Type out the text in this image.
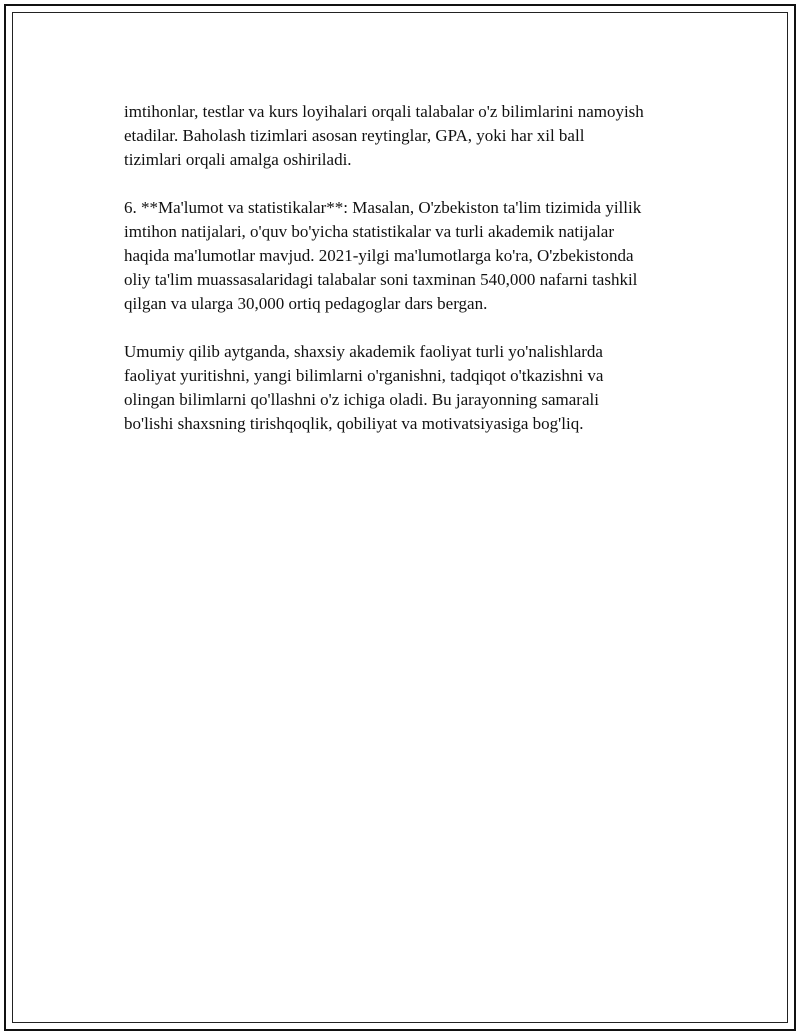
imtihonlar, testlar va kurs loyihalari orqali talabalar o'z bilimlarini namoyish
etadilar. Baholash tizimlari asosan reytinglar, GPA, yoki har xil ball
tizimlari orqali amalga oshiriladi.

6. **Ma'lumot va statistikalar**: Masalan, O'zbekiston ta'lim tizimida yillik
imtihon natijalari, o'quv bo'yicha statistikalar va turli akademik natijalar
haqida ma'lumotlar mavjud. 2021-yilgi ma'lumotlarga ko'ra, O'zbekistonda
oliy ta'lim muassasalaridagi talabalar soni taxminan 540,000 nafarni tashkil
qilgan va ularga 30,000 ortiq pedagoglar dars bergan.

Umumiy qilib aytganda, shaxsiy akademik faoliyat turli yo'nalishlarda
faoliyat yuritishni, yangi bilimlarni o'rganishni, tadqiqot o'tkazishni va
olingan bilimlarni qo'llashni o'z ichiga oladi. Bu jarayonning samarali
bo'lishi shaxsning tirishqoqlik, qobiliyat va motivatsiyasiga bog'liq.
